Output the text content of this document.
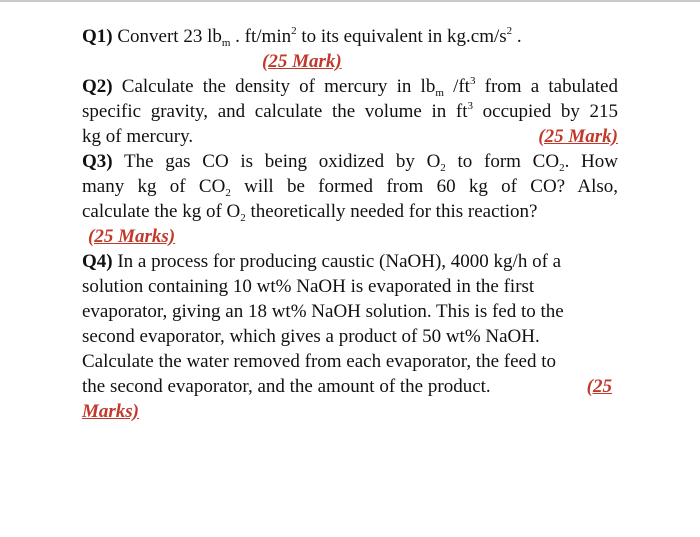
Q1) Convert 23 $lb_m$ . $ft/\min^2$ to its equivalent in $kg.cm/s^2$ .
(25 Mark)
Q2) Calculate the density of mercury in $lb_m$ $/ft^3$ from a tabulated
specific gravity, and calculate the volume in $ft^3$ occupied by 215
kg of mercury.	(25 Mark)
Q3) The gas CO is being oxidized by $O_2$ to form $CO_2$. How
many kg of $CO_2$ will be formed from 60 kg of CO? Also,
calculate the kg of $O_2$ theoretically needed for this reaction?
(25 Marks)
Q4) In a process for producing caustic (NaOH), 4000 kg/h of a
solution containing 10 wt% NaOH is evaporated in the first
evaporator, giving an 18 wt% NaOH solution. This is fed to the
second evaporator, which gives a product of 50 wt% NaOH.
Calculate the water removed from each evaporator, the feed to
the second evaporator, and the amount of the product.	(25
Marks)
